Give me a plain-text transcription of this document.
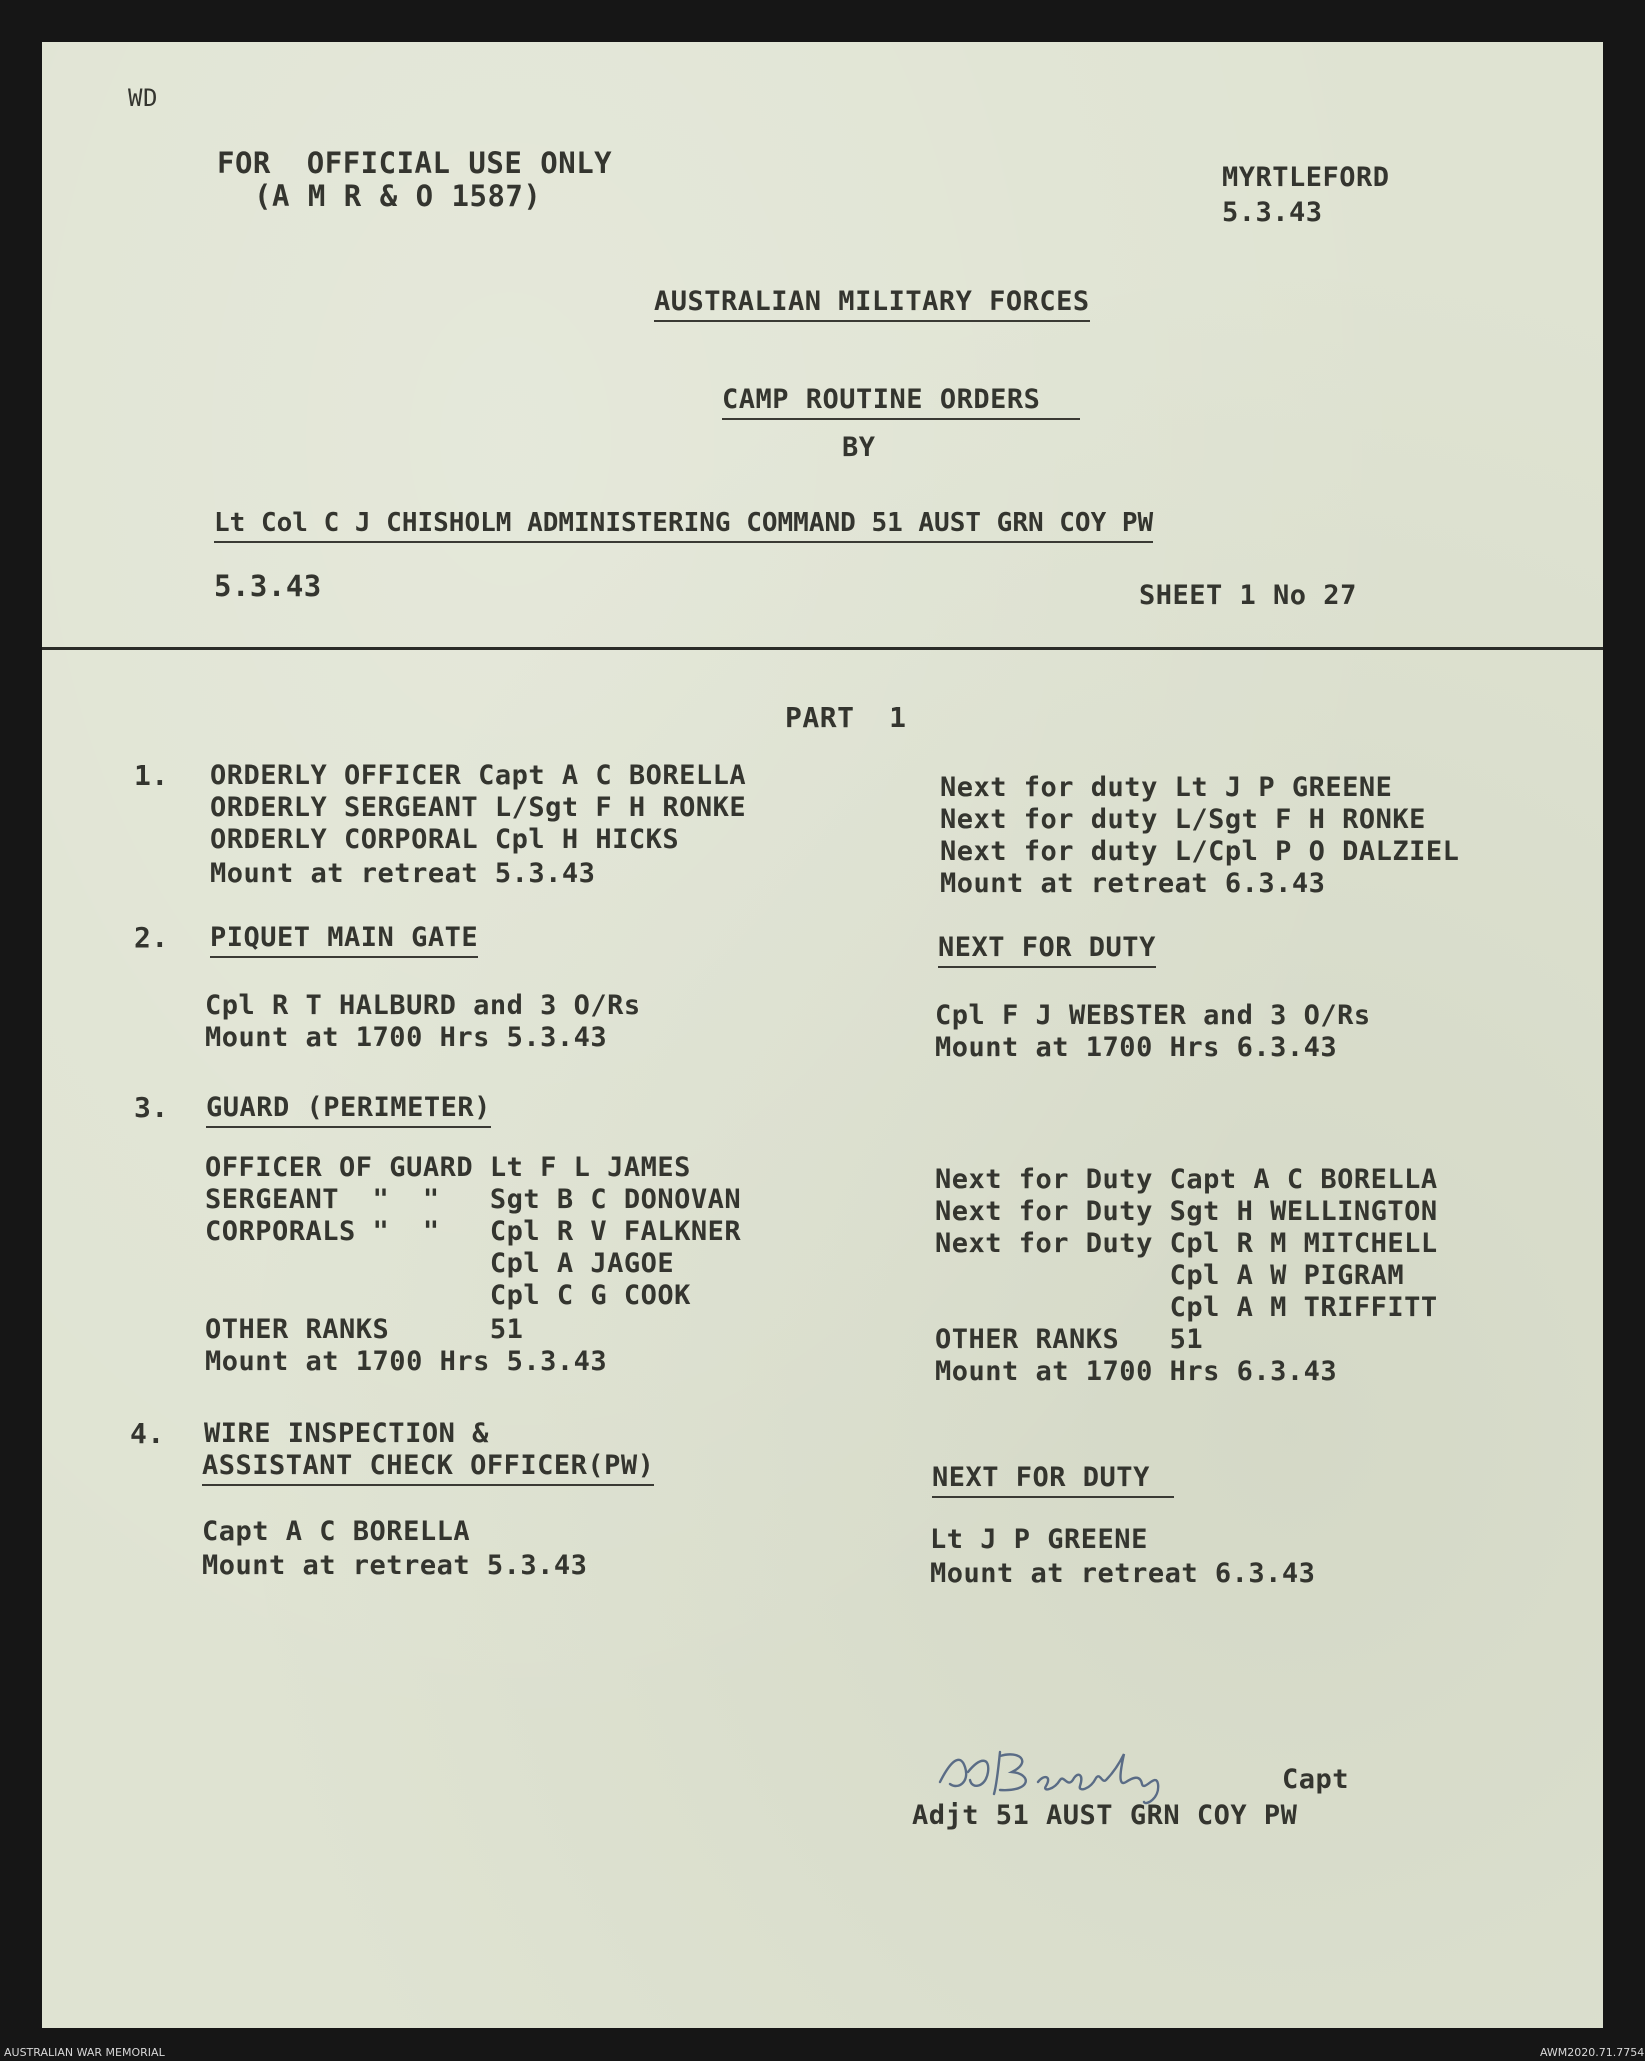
WD
FOR  OFFICIAL USE ONLY
(A M R & O 1587)
MYRTLEFORD
5.3.43
AUSTRALIAN MILITARY FORCES
CAMP ROUTINE ORDERS
BY
Lt Col C J CHISHOLM ADMINISTERING COMMAND 51 AUST GRN COY PW
5.3.43	SHEET 1 No 27
PART  1
1. ORDERLY OFFICER Capt A C BORELLA
ORDERLY SERGEANT L/Sgt F H RONKE
ORDERLY CORPORAL Cpl H HICKS
Mount at retreat 5.3.43
Next for duty Lt J P GREENE
Next for duty L/Sgt F H RONKE
Next for duty L/Cpl P O DALZIEL
Mount at retreat 6.3.43
2. PIQUET MAIN GATE	NEXT FOR DUTY
Cpl R T HALBURD and 3 O/Rs
Mount at 1700 Hrs 5.3.43
Cpl F J WEBSTER and 3 O/Rs
Mount at 1700 Hrs 6.3.43
3. GUARD (PERIMETER)
OFFICER OF GUARD Lt F L JAMES
SERGEANT  "  "   Sgt B C DONOVAN
CORPORALS "  "   Cpl R V FALKNER
Cpl A JAGOE
Cpl C G COOK
OTHER RANKS      51
Mount at 1700 Hrs 5.3.43
Next for Duty Capt A C BORELLA
Next for Duty Sgt H WELLINGTON
Next for Duty Cpl R M MITCHELL
Cpl A W PIGRAM
Cpl A M TRIFFITT
OTHER RANKS   51
Mount at 1700 Hrs 6.3.43
4. WIRE INSPECTION &
ASSISTANT CHECK OFFICER(PW)	NEXT FOR DUTY
Capt A C BORELLA
Mount at retreat 5.3.43
Lt J P GREENE
Mount at retreat 6.3.43
Capt
Adjt 51 AUST GRN COY PW
AUSTRALIAN WAR MEMORIAL	AWM2020.71.7754
